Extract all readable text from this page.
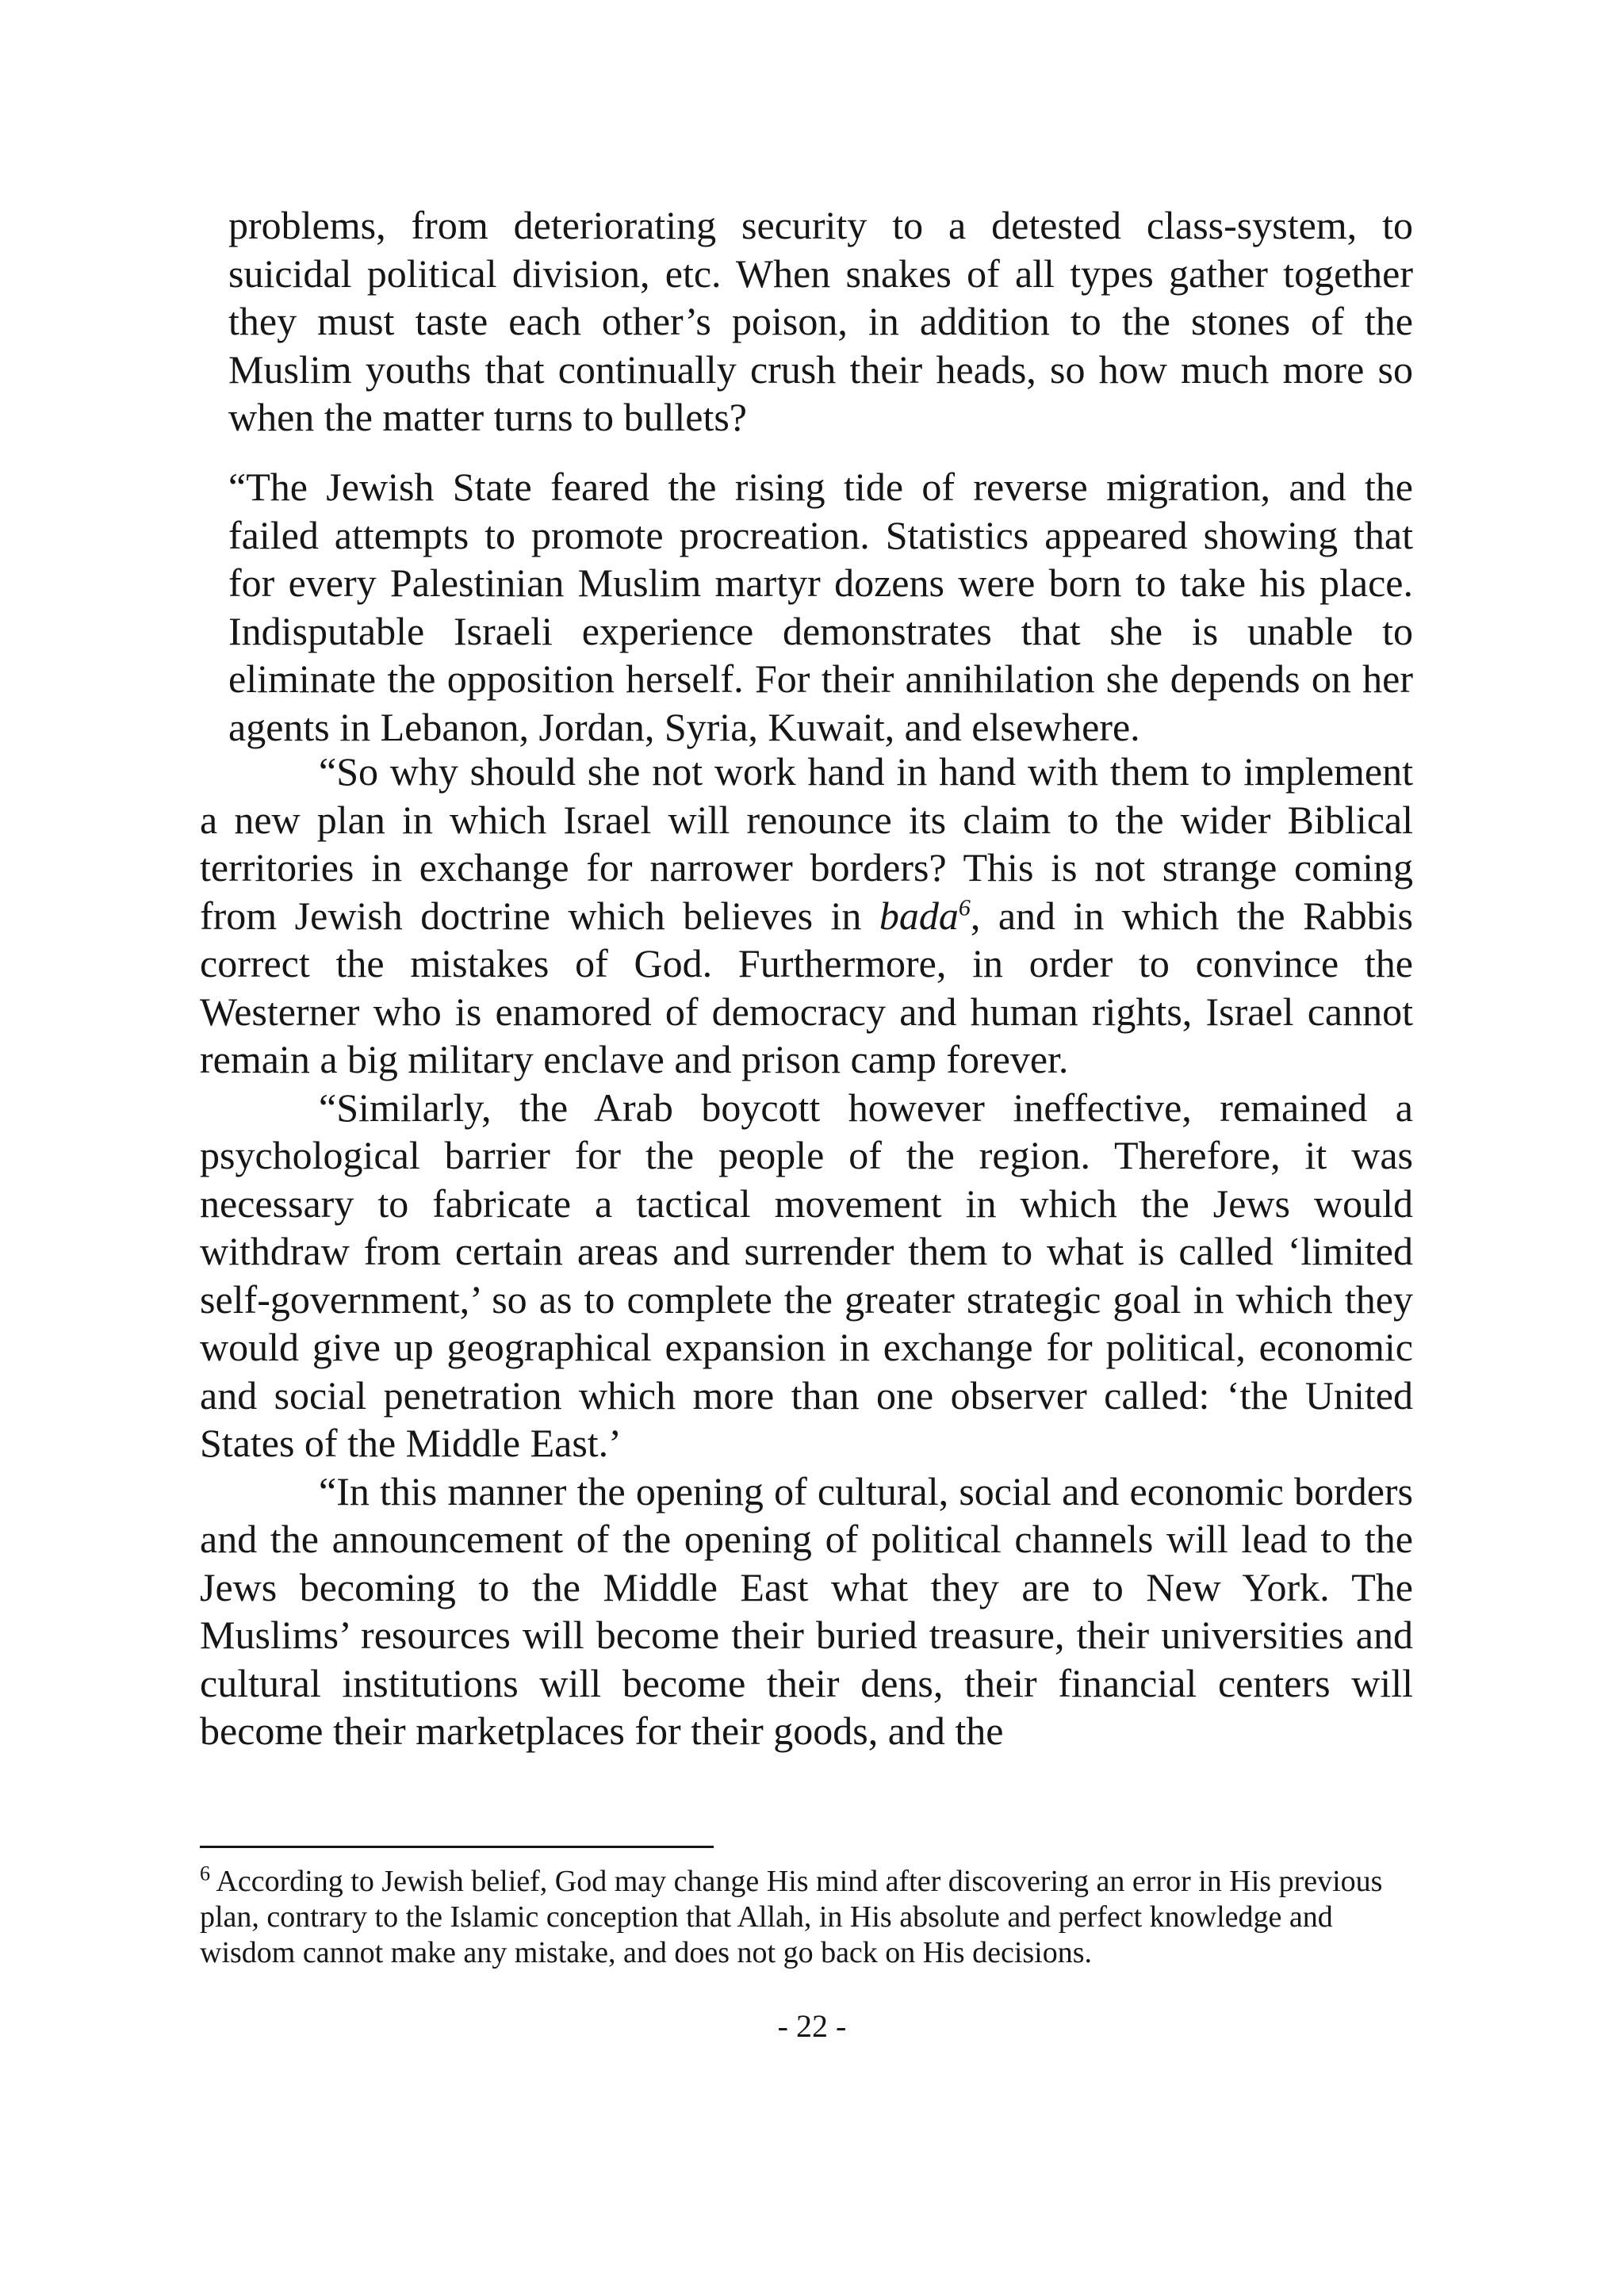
problems, from deteriorating security to a detested class-system, to suicidal political division, etc. When snakes of all types gather together they must taste each other’s poison, in addition to the stones of the Muslim youths that continually crush their heads, so how much more so when the matter turns to bullets?

“The Jewish State feared the rising tide of reverse migration, and the failed attempts to promote procreation. Statistics appeared showing that for every Palestinian Muslim martyr dozens were born to take his place. Indisputable Israeli experience demonstrates that she is unable to eliminate the opposition herself. For their annihilation she depends on her agents in Lebanon, Jordan, Syria, Kuwait, and elsewhere.

“So why should she not work hand in hand with them to implement a new plan in which Israel will renounce its claim to the wider Biblical territories in exchange for narrower borders? This is not strange coming from Jewish doctrine which believes in bada$^6$, and in which the Rabbis correct the mistakes of God. Furthermore, in order to convince the Westerner who is enamored of democracy and human rights, Israel cannot remain a big military enclave and prison camp forever.

“Similarly, the Arab boycott however ineffective, remained a psychological barrier for the people of the region. Therefore, it was necessary to fabricate a tactical movement in which the Jews would withdraw from certain areas and surrender them to what is called ‘limited self-government,’ so as to complete the greater strategic goal in which they would give up geographical expansion in exchange for political, economic and social penetration which more than one observer called: ‘the United States of the Middle East.’

“In this manner the opening of cultural, social and economic borders and the announcement of the opening of political channels will lead to the Jews becoming to the Middle East what they are to New York. The Muslims’ resources will become their buried treasure, their universities and cultural institutions will become their dens, their financial centers will become their marketplaces for their goods, and the

$^6$ According to Jewish belief, God may change His mind after discovering an error in His previous plan, contrary to the Islamic conception that Allah, in His absolute and perfect knowledge and wisdom cannot make any mistake, and does not go back on His decisions.

- 22 -
